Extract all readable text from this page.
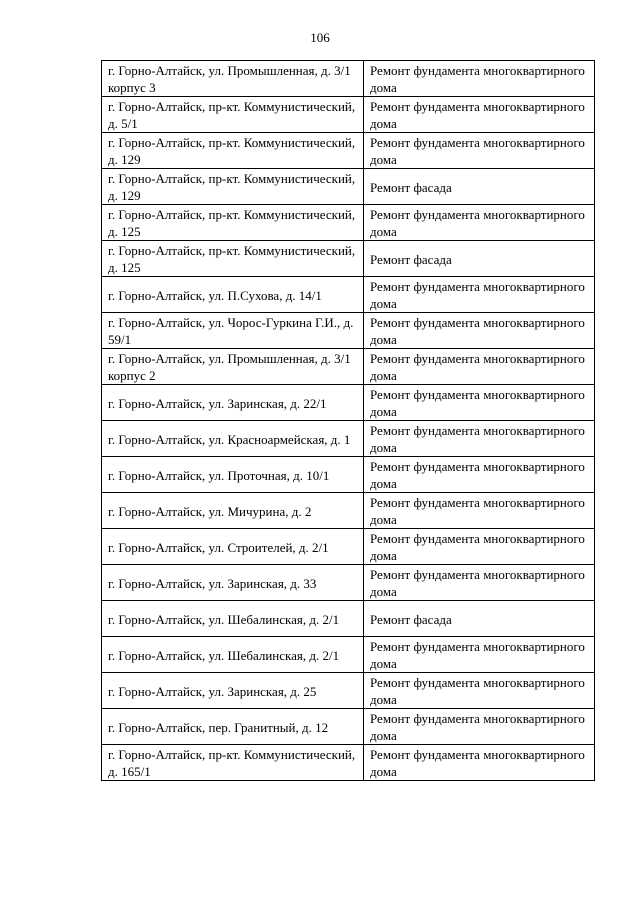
106
г. Горно-Алтайск, ул. Промышленная, д. 3/1 корпус 3	Ремонт фундамента многоквартирного дома
г. Горно-Алтайск, пр-кт. Коммунистический, д. 5/1	Ремонт фундамента многоквартирного дома
г. Горно-Алтайск, пр-кт. Коммунистический, д. 129	Ремонт фундамента многоквартирного дома
г. Горно-Алтайск, пр-кт. Коммунистический, д. 129	Ремонт фасада
г. Горно-Алтайск, пр-кт. Коммунистический, д. 125	Ремонт фундамента многоквартирного дома
г. Горно-Алтайск, пр-кт. Коммунистический, д. 125	Ремонт фасада
г. Горно-Алтайск, ул. П.Сухова, д. 14/1	Ремонт фундамента многоквартирного дома
г. Горно-Алтайск, ул. Чорос-Гуркина Г.И., д. 59/1	Ремонт фундамента многоквартирного дома
г. Горно-Алтайск, ул. Промышленная, д. 3/1 корпус 2	Ремонт фундамента многоквартирного дома
г. Горно-Алтайск, ул. Заринская, д. 22/1	Ремонт фундамента многоквартирного дома
г. Горно-Алтайск, ул. Красноармейская, д. 1	Ремонт фундамента многоквартирного дома
г. Горно-Алтайск, ул. Проточная, д. 10/1	Ремонт фундамента многоквартирного дома
г. Горно-Алтайск, ул. Мичурина, д. 2	Ремонт фундамента многоквартирного дома
г. Горно-Алтайск, ул. Строителей, д. 2/1	Ремонт фундамента многоквартирного дома
г. Горно-Алтайск, ул. Заринская, д. 33	Ремонт фундамента многоквартирного дома
г. Горно-Алтайск, ул. Шебалинская, д. 2/1	Ремонт фасада
г. Горно-Алтайск, ул. Шебалинская, д. 2/1	Ремонт фундамента многоквартирного дома
г. Горно-Алтайск, ул. Заринская, д. 25	Ремонт фундамента многоквартирного дома
г. Горно-Алтайск, пер. Гранитный, д. 12	Ремонт фундамента многоквартирного дома
г. Горно-Алтайск, пр-кт. Коммунистический, д. 165/1	Ремонт фундамента многоквартирного дома
